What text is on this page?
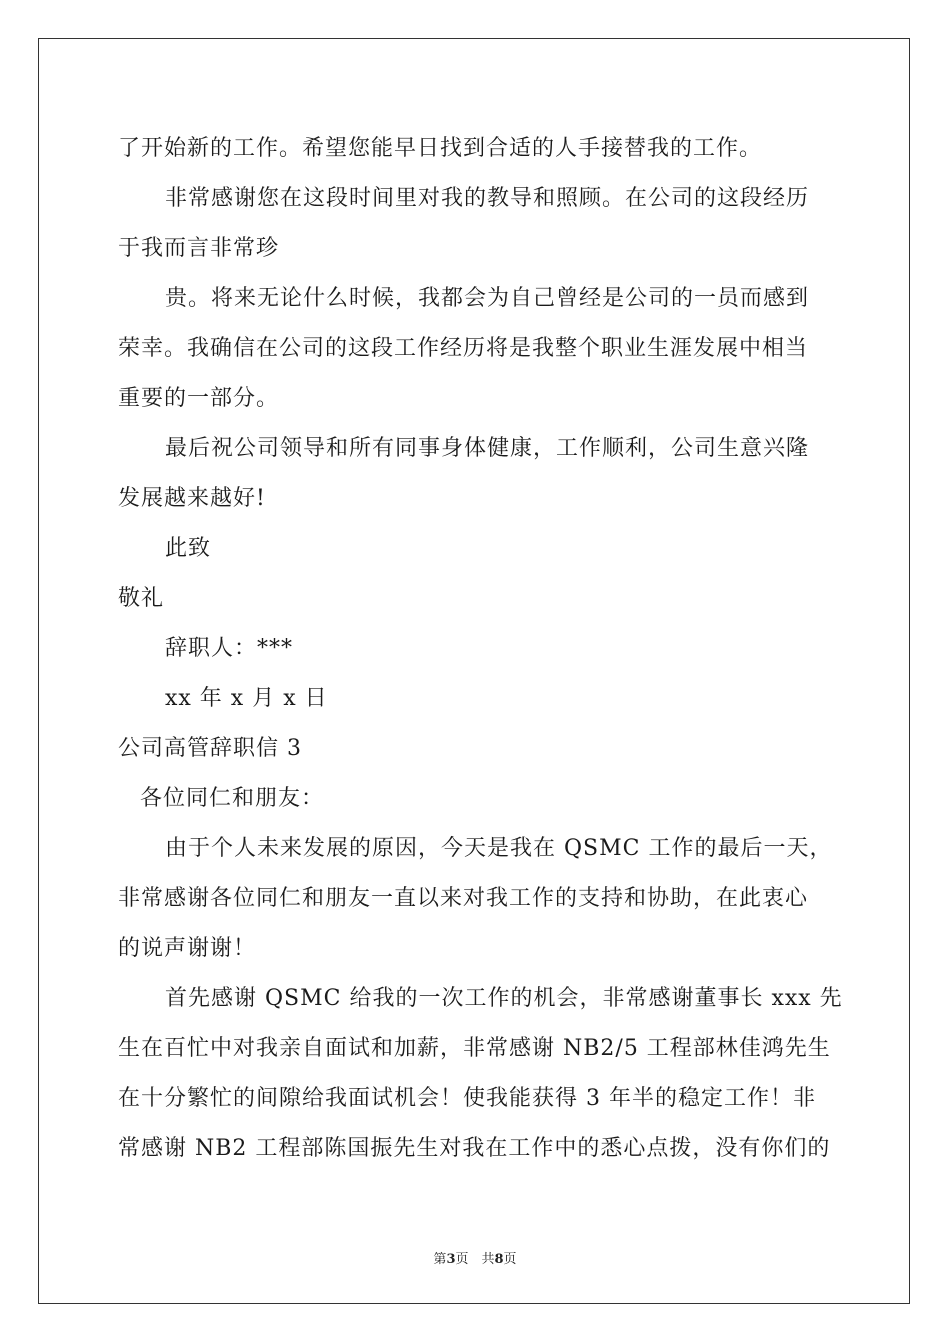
了开始新的工作。希望您能早日找到合适的人手接替我的工作。
非常感谢您在这段时间里对我的教导和照顾。在公司的这段经历
于我而言非常珍
贵。将来无论什么时候，我都会为自己曾经是公司的一员而感到
荣幸。我确信在公司的这段工作经历将是我整个职业生涯发展中相当
重要的一部分。
最后祝公司领导和所有同事身体健康，工作顺利，公司生意兴隆
发展越来越好!
此致
敬礼
辞职人：***
xx 年 x 月 x 日
公司高管辞职信 3
各位同仁和朋友：
由于个人未来发展的原因，今天是我在 QSMC 工作的最后一天，
非常感谢各位同仁和朋友一直以来对我工作的支持和协助，在此衷心
的说声谢谢！
首先感谢 QSMC 给我的一次工作的机会，非常感谢董事长 xxx 先
生在百忙中对我亲自面试和加薪，非常感谢 NB2/5 工程部林佳鸿先生
在十分繁忙的间隙给我面试机会！使我能获得 3 年半的稳定工作！非
常感谢 NB2 工程部陈国振先生对我在工作中的悉心点拨，没有你们的
第3页　共8页
